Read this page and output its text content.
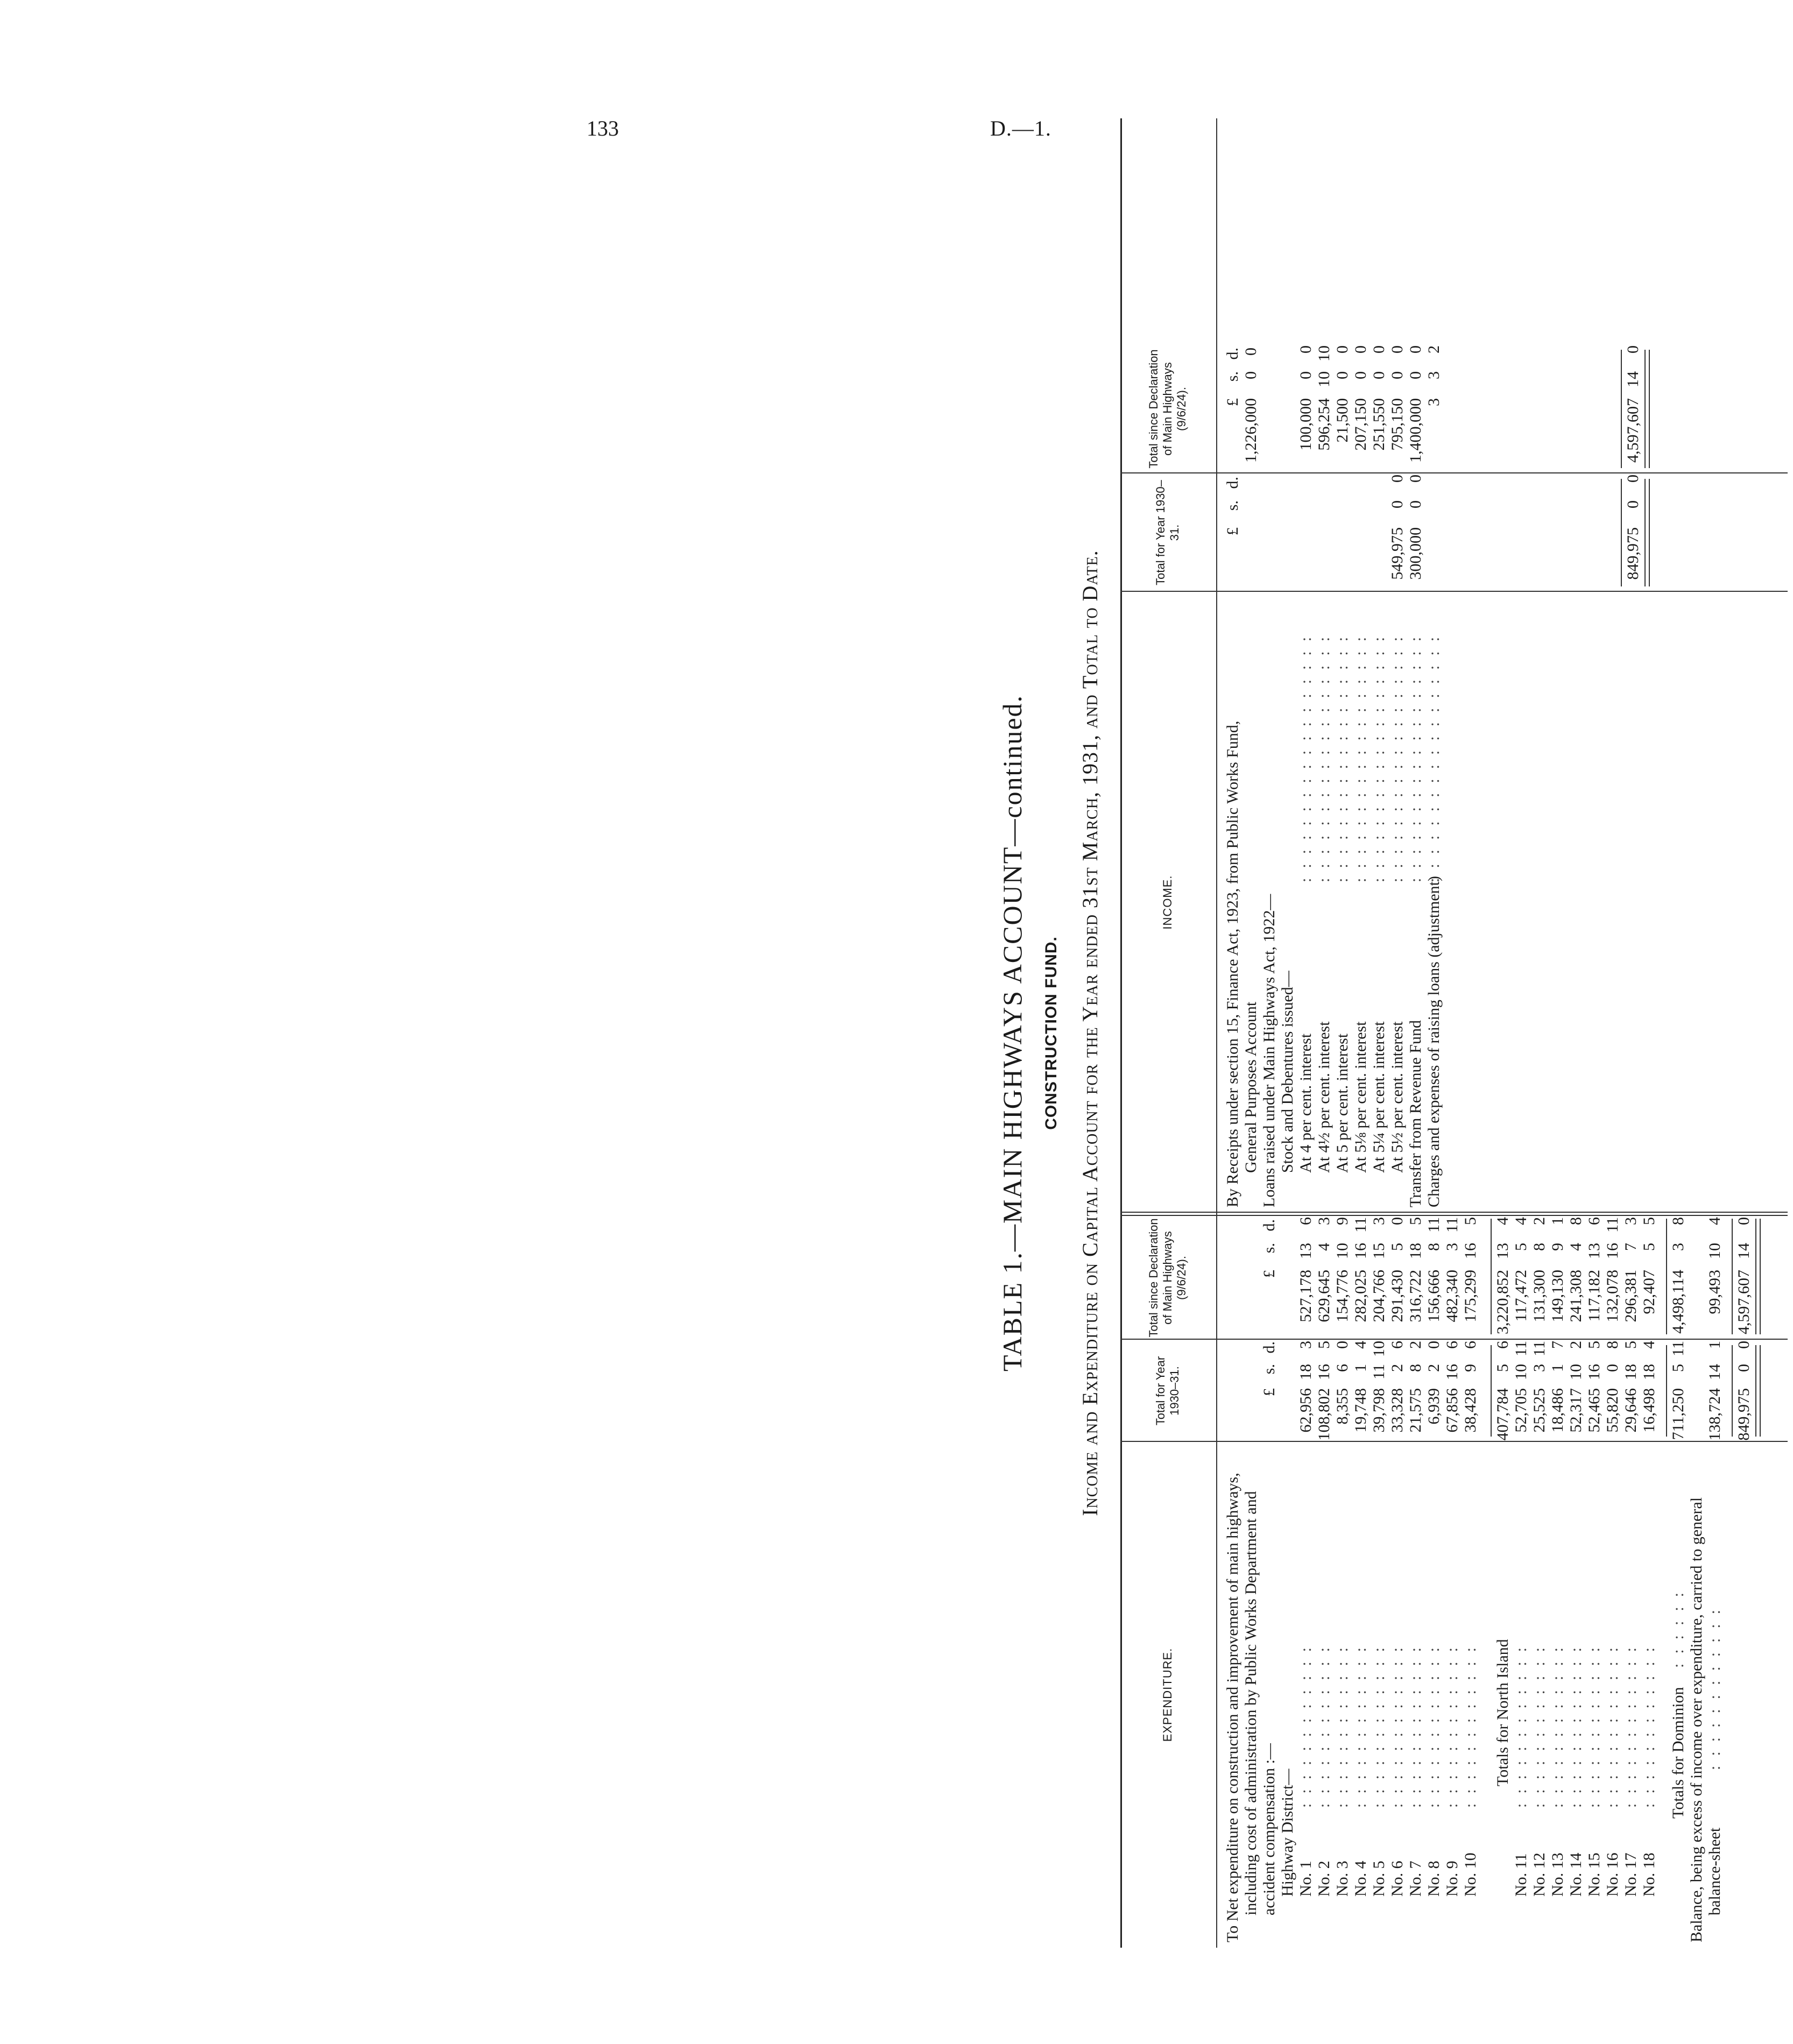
133	D.—1.
TABLE 1.—MAIN HIGHWAYS ACCOUNT—continued. CONSTRUCTION FUND. Income and Expenditure on Capital Account for the Year ended 31st March, 1931, and Total to Date.
EXPENDITURE.
Total for Year 1930–31.
Total since Declaration of Main Highways (9/6/24).
INCOME.
Total for Year 1930–31.
Total since Declaration of Main Highways (9/6/24).
To Net expenditure on construction and improvement of main highways, including cost of administration by Public Works Department and accident compensation :— Highway District—
£
s.
d.
£
s.
d.
No. 1
::::::::::::
62,956
18
3
527,178
13
6
No. 2
::::::::::::
108,802
16
5
629,645
4
3
No. 3
::::::::::::
8,355
6
0
154,776
10
9
No. 4
::::::::::::
19,748
1
4
282,025
16
11
No. 5
::::::::::::
39,798
11
10
204,766
15
3
No. 6
::::::::::::
33,328
2
6
291,430
5
0
No. 7
::::::::::::
21,575
8
2
316,722
18
5
No. 8
::::::::::::
6,939
2
0
156,666
8
11
No. 9
::::::::::::
67,856
16
6
482,340
3
11
No. 10
::::::::::::
38,428
9
6
175,299
16
5
Totals for North Island
407,784
5
6
3,220,852
13
4
No. 11
::::::::::::
52,705
10
11
117,472
5
4
No. 12
::::::::::::
25,525
3
11
131,300
8
2
No. 13
::::::::::::
18,486
1
7
149,130
9
1
No. 14
::::::::::::
52,317
10
2
241,308
4
8
No. 15
::::::::::::
52,465
16
5
117,182
13
6
No. 16
::::::::::::
55,820
0
8
132,078
16
11
No. 17
::::::::::::
29,646
18
5
296,381
7
3
No. 18
::::::::::::
16,498
18
4
92,407
5
5
Totals for Dominion
::::::
711,250
5
11
4,498,114
3
8
Balance, being excess of income over expenditure, carried to general balance-sheet
::::::::::::
138,724
14
1
99,493
10
4
849,975
0
0
4,597,607
14
0
By Receipts under section 15, Finance Act, 1923, from Public Works Fund, General Purposes Account Loans raised under Main Highways Act, 1922— Stock and Debentures issued—
£
s.
d.
£
s.
d.
1,226,000
0
0
At 4 per cent. interest
::::::::::::::::::
100,000
0
0
At 4½ per cent. interest
::::::::::::::::::
596,254
10
10
At 5 per cent. interest
::::::::::::::::::
21,500
0
0
At 5⅛ per cent. interest
::::::::::::::::::
207,150
0
0
At 5¼ per cent. interest
::::::::::::::::::
251,550
0
0
At 5½ per cent. interest
::::::::::::::::::
549,975
0
0
795,150
0
0
Transfer from Revenue Fund
::::::::::::::::::
300,000
0
0
1,400,000
0
0
Charges and expenses of raising loans (adjustment)
::::::::::::::::::
3
3
2
849,975
0
0
4,597,607
14
0
